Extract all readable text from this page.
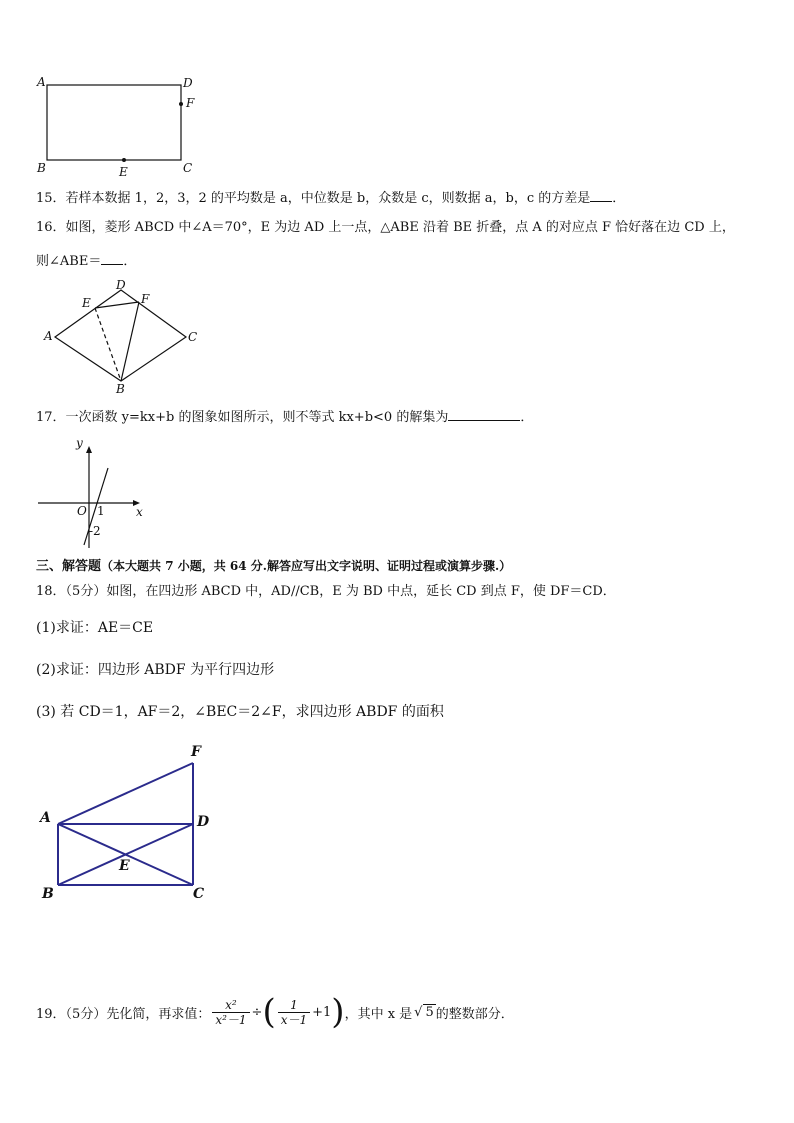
A	D
F
B	C
E
15．若样本数据 1，2，3，2 的平均数是 a，中位数是 b，众数是 c，则数据 a，b，c 的方差是 ．
16．如图，菱形 ABCD 中∠A＝70°，E 为边 AD 上一点，△ABE 沿着 BE 折叠，点 A 的对应点 F 恰好落在边 CD 上，
则∠ABE＝ ．
A
D
E	F
C
B
17．一次函数 y=kx+b 的图象如图所示，则不等式 kx+b<0 的解集为	．
y
x
O 1
-2
三、解答题（本大题共 7 小题，共 64 分.解答应写出文字说明、证明过程或演算步骤.）
18．（5分）如图，在四边形 ABCD 中，AD//CB，E 为 BD 中点，延长 CD 到点 F，使 DF＝CD．
(1)求证：AE＝CE
(2)求证：四边形 ABDF 为平行四边形
(3) 若 CD＝1，AF＝2，∠BEC＝2∠F，求四边形 ABDF 的面积
F
A	D
E
B	C
19．（5分）先化简，再求值： $\frac{\text{x²}}{\text{x²－1}}$ ÷ ( $\frac{1}{x-1} +1$ ) ，其中 x 是 √ 5 的整数部分．
